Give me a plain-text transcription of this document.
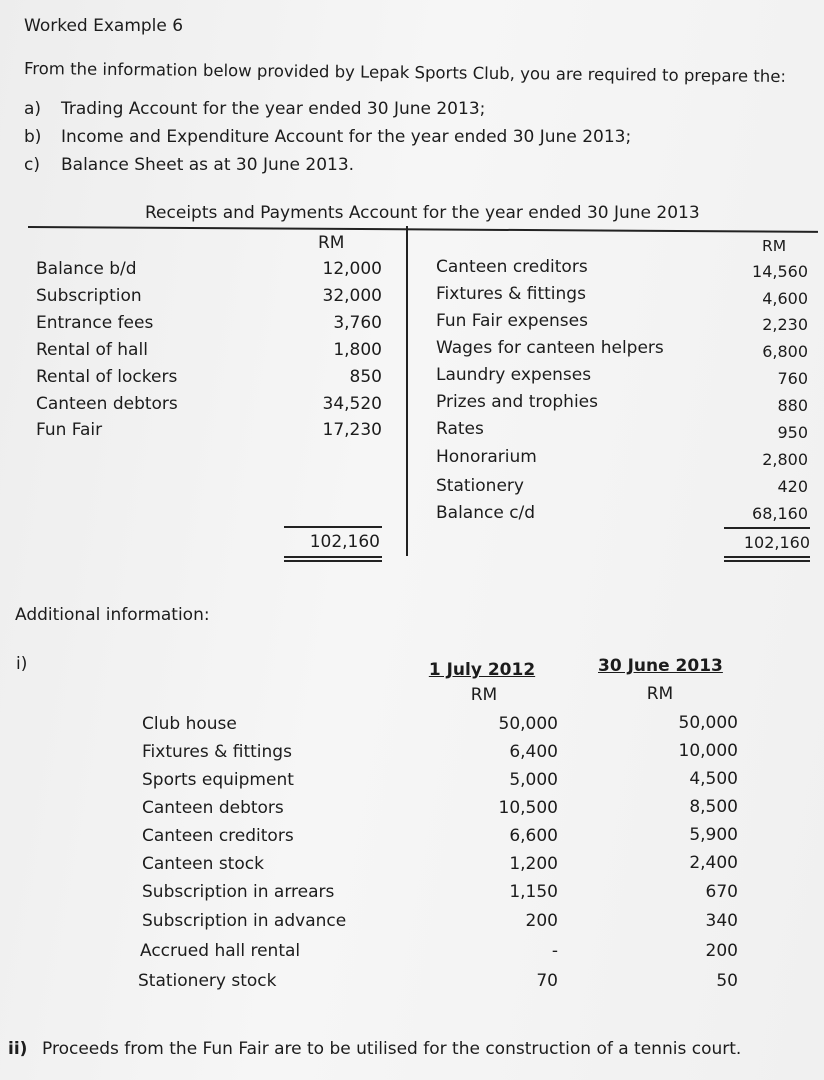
Worked Example 6
From the information below provided by Lepak Sports Club, you are required to prepare the:
a) Trading Account for the year ended 30 June 2013;
b) Income and Expenditure Account for the year ended 30 June 2013;
c) Balance Sheet as at 30 June 2013.
Receipts and Payments Account for the year ended 30 June 2013
RM	RM
Balance b/d	12,000
Subscription	32,000
Entrance fees	3,760
Rental of hall	1,800
Rental of lockers	850
Canteen debtors	34,520
Fun Fair	17,230
Canteen creditors	14,560
Fixtures & fittings	4,600
Fun Fair expenses	2,230
Wages for canteen helpers	6,800
Laundry expenses	760
Prizes and trophies	880
Rates	950
Honorarium	2,800
Stationery	420
Balance c/d	68,160
102,160	102,160
Additional information:
i)	1 July 2012	30 June 2013
RM	RM
Club house	50,000	50,000
Fixtures & fittings	6,400	10,000
Sports equipment	5,000	4,500
Canteen debtors	10,500	8,500
Canteen creditors	6,600	5,900
Canteen stock	1,200	2,400
Subscription in arrears	1,150	670
Subscription in advance	200	340
Accrued hall rental	-	200
Stationery stock	70	50
ii) Proceeds from the Fun Fair are to be utilised for the construction of a tennis court.
